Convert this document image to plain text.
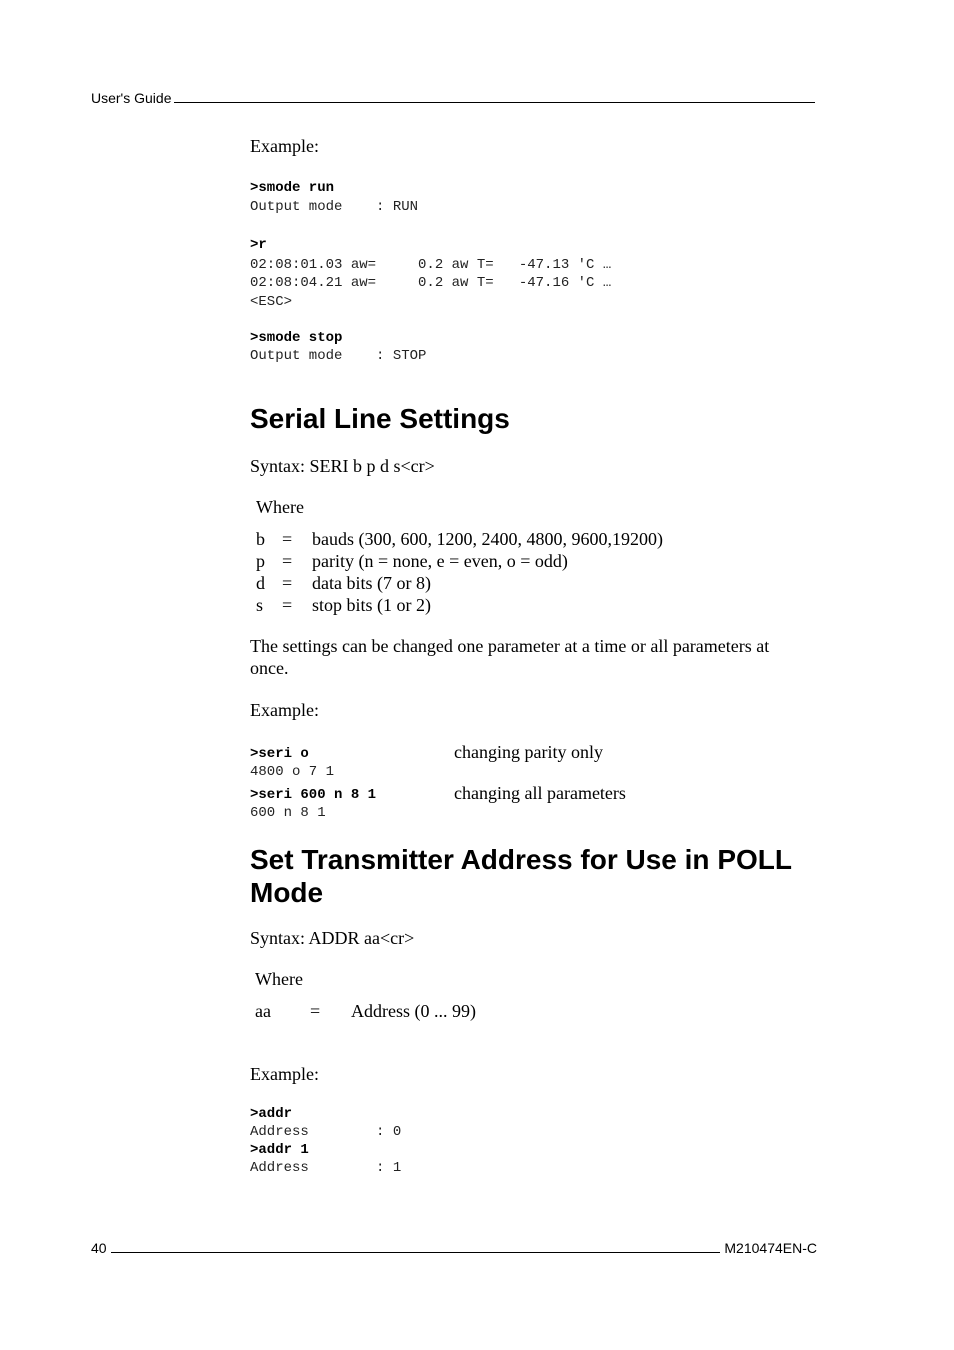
User's Guide
Example:
>smode run
Output mode    : RUN
>r
02:08:01.03 aw=     0.2 aw T=   -47.13 'C …
02:08:04.21 aw=     0.2 aw T=   -47.16 'C …
<ESC>
>smode stop
Output mode    : STOP
Serial Line Settings
Syntax: SERI b p d s<cr>
Where
b = bauds (300, 600, 1200, 2400, 4800, 9600,19200)
p = parity (n = none, e = even, o = odd)
d = data bits (7 or 8)
s = stop bits (1 or 2)
The settings can be changed one parameter at a time or all parameters at
once.
Example:
>seri o	changing parity only
4800 o 7 1
>seri 600 n 8 1	changing all parameters
600 n 8 1
Set Transmitter Address for Use in POLL
Mode
Syntax: ADDR aa<cr>
Where
aa = Address (0 ... 99)
Example:
>addr
Address        : 0
>addr 1
Address        : 1
40	M210474EN-C
